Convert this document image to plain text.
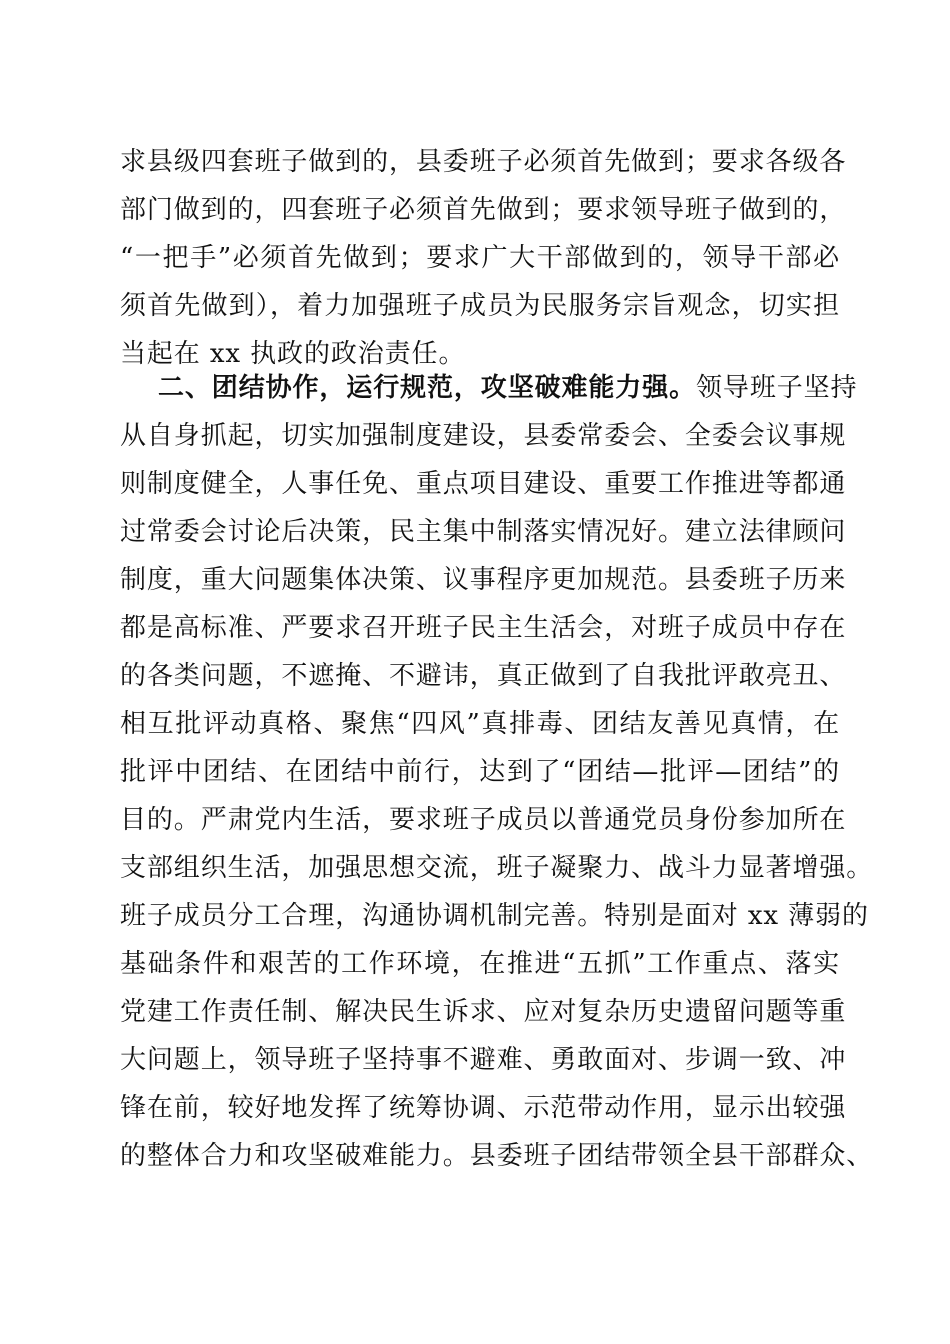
求县级四套班子做到的，县委班子必须首先做到；要求各级各
部门做到的，四套班子必须首先做到；要求领导班子做到的，
“一把手”必须首先做到；要求广大干部做到的，领导干部必
须首先做到），着力加强班子成员为民服务宗旨观念，切实担
当起在 xx 执政的政治责任。
二、团结协作，运行规范，攻坚破难能力强。领导班子坚持
从自身抓起，切实加强制度建设，县委常委会、全委会议事规
则制度健全，人事任免、重点项目建设、重要工作推进等都通
过常委会讨论后决策，民主集中制落实情况好。建立法律顾问
制度，重大问题集体决策、议事程序更加规范。县委班子历来
都是高标准、严要求召开班子民主生活会，对班子成员中存在
的各类问题，不遮掩、不避讳，真正做到了自我批评敢亮丑、
相互批评动真格、聚焦“四风”真排毒、团结友善见真情，在
批评中团结、在团结中前行，达到了“团结—批评—团结”的
目的。严肃党内生活，要求班子成员以普通党员身份参加所在
支部组织生活，加强思想交流，班子凝聚力、战斗力显著增强。
班子成员分工合理，沟通协调机制完善。特别是面对 xx 薄弱的
基础条件和艰苦的工作环境，在推进“五抓”工作重点、落实
党建工作责任制、解决民生诉求、应对复杂历史遗留问题等重
大问题上，领导班子坚持事不避难、勇敢面对、步调一致、冲
锋在前，较好地发挥了统筹协调、示范带动作用，显示出较强
的整体合力和攻坚破难能力。县委班子团结带领全县干部群众、
